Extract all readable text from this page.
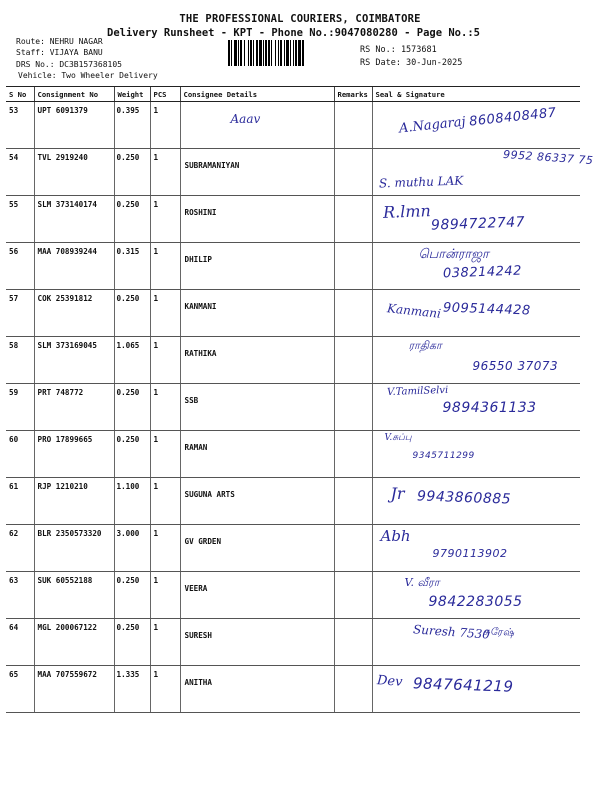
THE PROFESSIONAL COURIERS, COIMBATORE
Delivery Runsheet - KPT - Phone No.:9047080280 - Page No.:5
Route: NEHRU NAGAR
Staff: VIJAYA BANU
DRS No.: DC3B157368105
Vehicle: Two Wheeler Delivery
RS No.: 1573681
RS Date: 30-Jun-2025
S No	Consignment No	Weight	PCS	Consignee Details	Remarks	Seal & Signature
53	UPT 6091379	0.395	1	Aaav		A.Nagaraj 8608408487

54	TVL 2919240	0.250	1	SUBRAMANIYAN		S. muthu LAK
9952 86337 75

55	SLM 373140174	0.250	1	ROSHINI		R.lmn
9894722747

56	MAA 708939244	0.315	1	DHILIP		பொன்ராஜா
038214242

57	COK 25391812	0.250	1	KANMANI		Kanmani 9095144428

58	SLM 373169045	1.065	1	RATHIKA		ராதிகா
96550 37073

59	PRT 748772	0.250	1	SSB		V.TamilSelvi
9894361133

60	PRO 17899665	0.250	1	RAMAN		V.சுப்பு
9345711299

61	RJP 1210210	1.100	1	SUGUNA ARTS		Jr 9943860885

62	BLR 2350573320	3.000	1	GV GRDEN		Abh
9790113902

63	SUK 60552188	0.250	1	VEERA		V. வீரா
9842283055

64	MGL 200067122	0.250	1	SURESH		Suresh 7530
சுரேஷ்

65	MAA 707559672	1.335	1	ANITHA		Dev 9847641219
